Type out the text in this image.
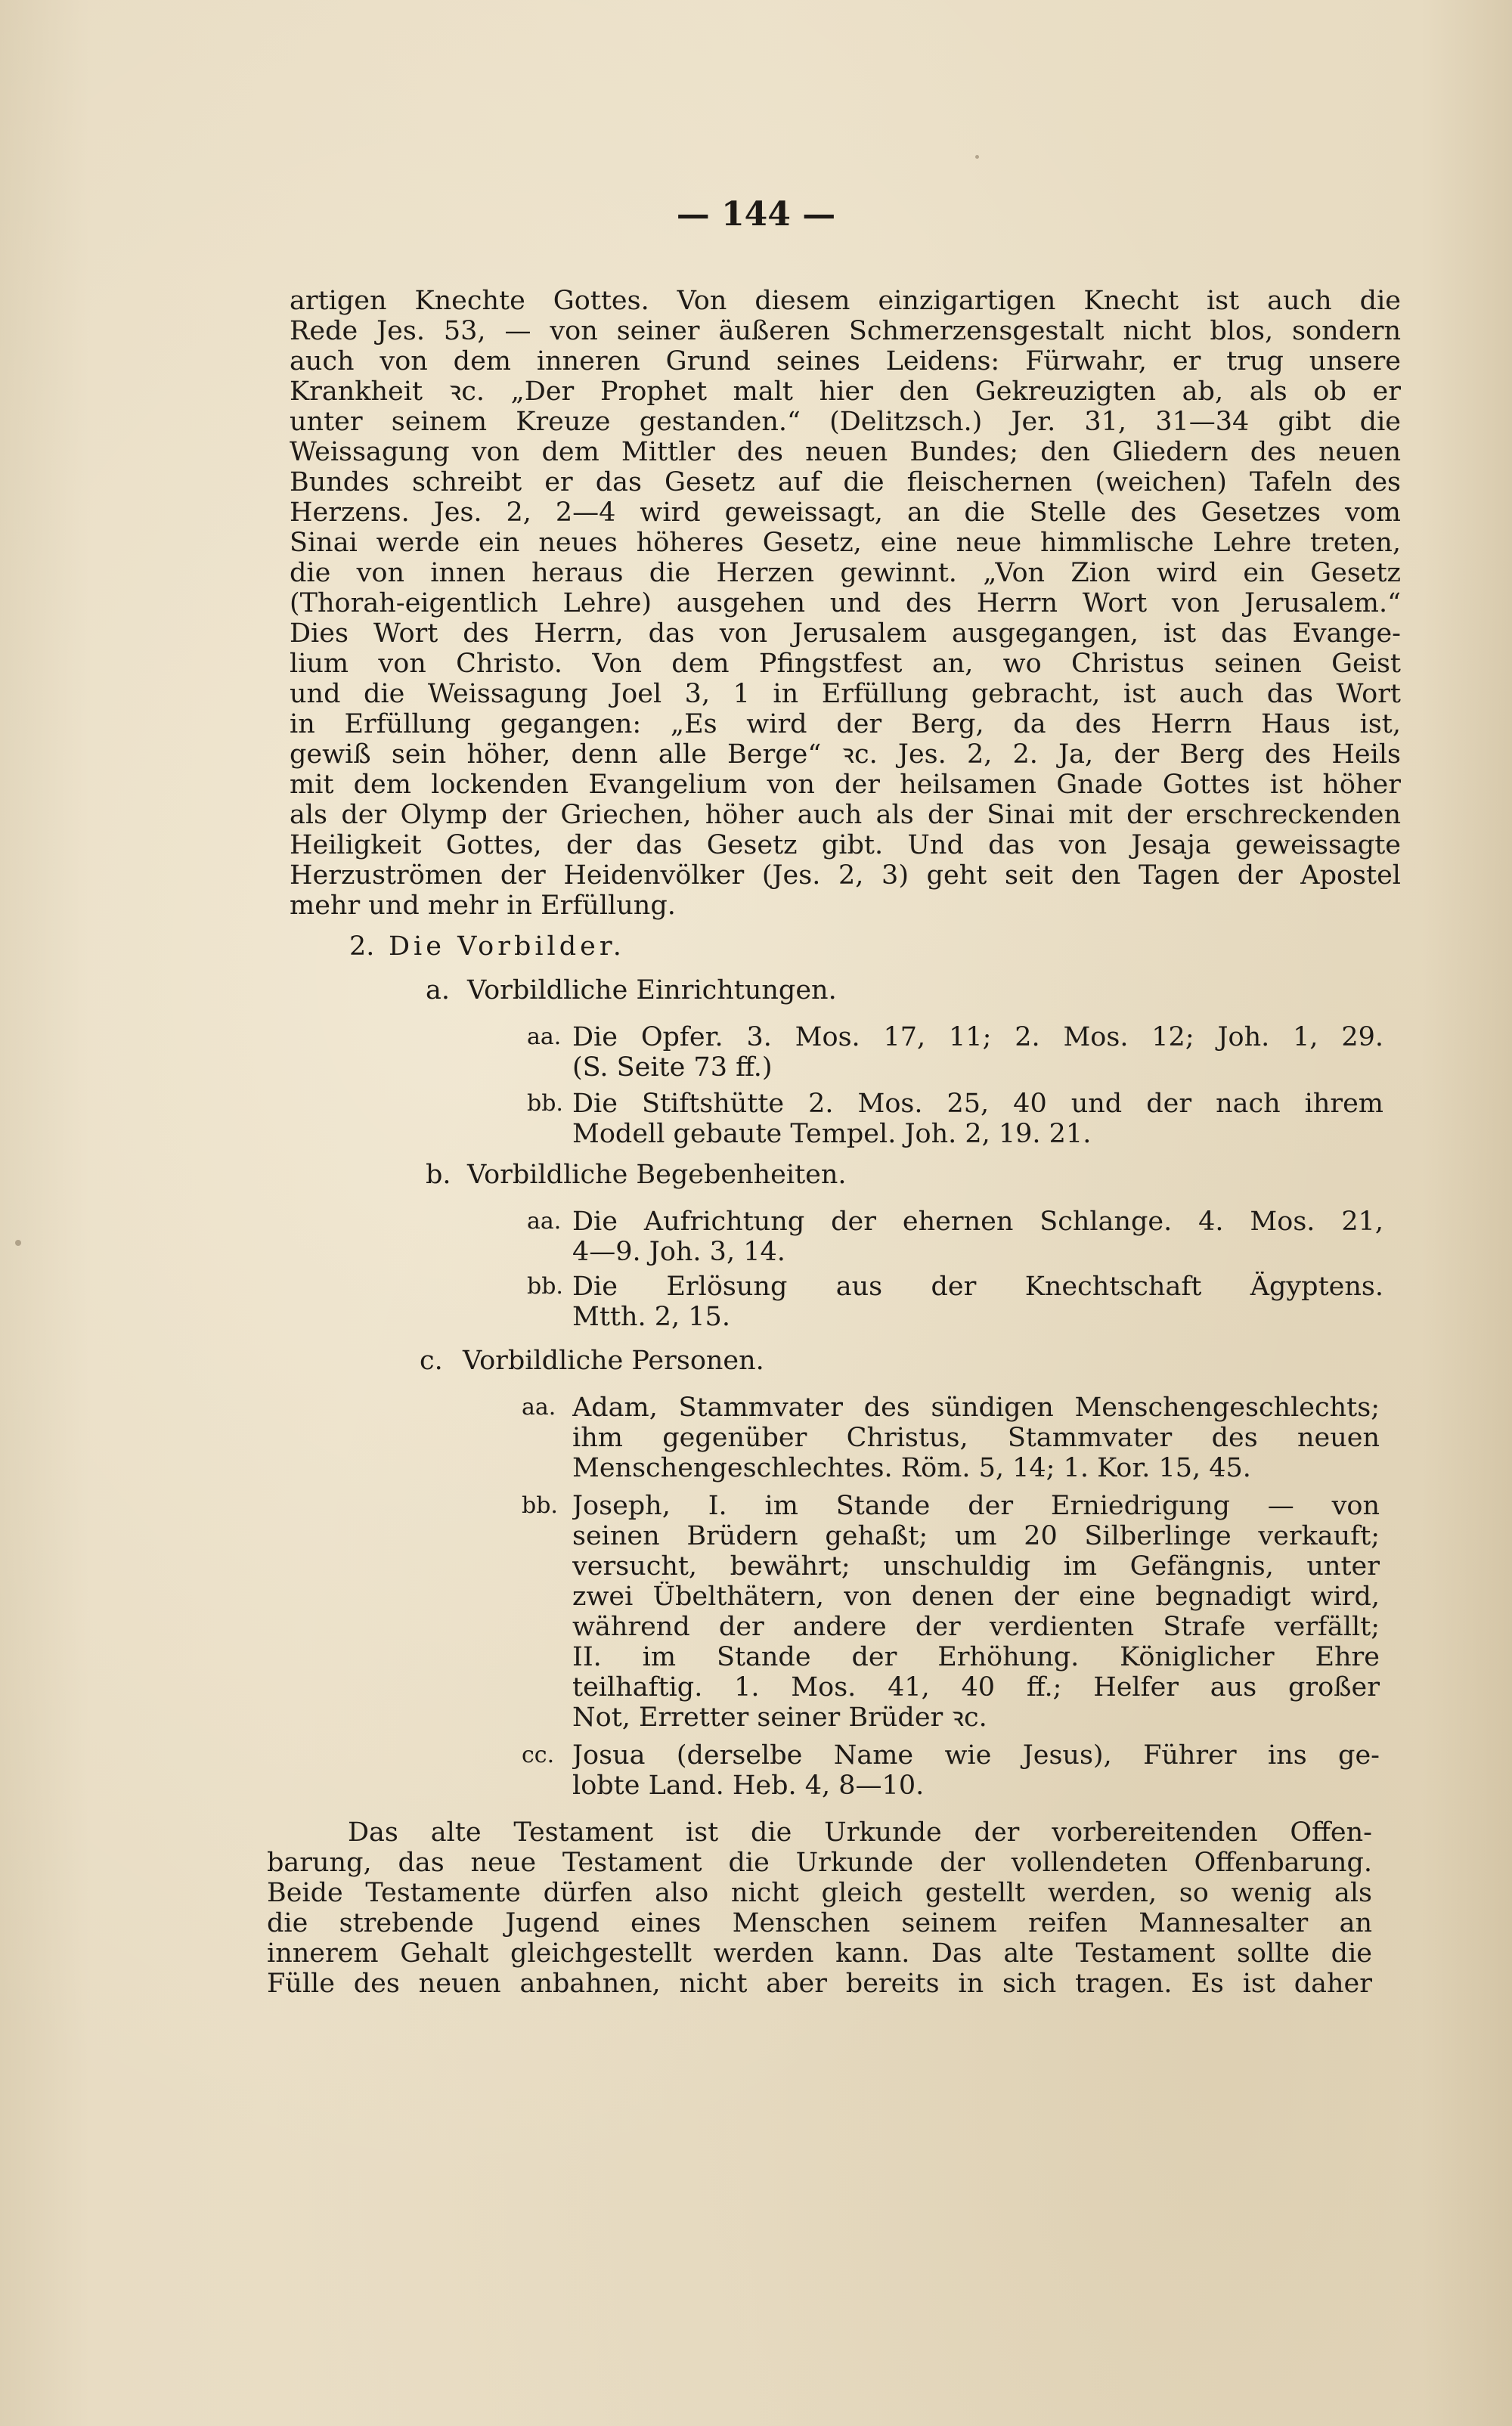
— 144 —
artigen Knechte Gottes. Von diesem einzigartigen Knecht ist auch die
Rede Jes. 53, — von seiner äußeren Schmerzensgestalt nicht blos, sondern
auch von dem inneren Grund seines Leidens: Fürwahr, er trug unsere
Krankheit ꝛc. „Der Prophet malt hier den Gekreuzigten ab, als ob er
unter seinem Kreuze gestanden.“ (Delitzsch.) Jer. 31, 31—34 gibt die
Weissagung von dem Mittler des neuen Bundes; den Gliedern des neuen
Bundes schreibt er das Gesetz auf die fleischernen (weichen) Tafeln des
Herzens. Jes. 2, 2—4 wird geweissagt, an die Stelle des Gesetzes vom
Sinai werde ein neues höheres Gesetz, eine neue himmlische Lehre treten,
die von innen heraus die Herzen gewinnt. „Von Zion wird ein Gesetz
(Thorah-eigentlich Lehre) ausgehen und des Herrn Wort von Jerusalem.“
Dies Wort des Herrn, das von Jerusalem ausgegangen, ist das Evange-
lium von Christo. Von dem Pfingstfest an, wo Christus seinen Geist
und die Weissagung Joel 3, 1 in Erfüllung gebracht, ist auch das Wort
in Erfüllung gegangen: „Es wird der Berg, da des Herrn Haus ist,
gewiß sein höher, denn alle Berge“ ꝛc. Jes. 2, 2. Ja, der Berg des Heils
mit dem lockenden Evangelium von der heilsamen Gnade Gottes ist höher
als der Olymp der Griechen, höher auch als der Sinai mit der erschreckenden
Heiligkeit Gottes, der das Gesetz gibt. Und das von Jesaja geweissagte
Herzuströmen der Heidenvölker (Jes. 2, 3) geht seit den Tagen der Apostel
mehr und mehr in Erfüllung.
2. Die Vorbilder.
a. Vorbildliche Einrichtungen.
aa. Die Opfer. 3. Mos. 17, 11; 2. Mos. 12; Joh. 1, 29.
(S. Seite 73 ff.)
bb. Die Stiftshütte 2. Mos. 25, 40 und der nach ihrem
Modell gebaute Tempel. Joh. 2, 19. 21.
b. Vorbildliche Begebenheiten.
aa. Die Aufrichtung der ehernen Schlange. 4. Mos. 21,
4—9. Joh. 3, 14.
bb. Die Erlösung aus der Knechtschaft Ägyptens.
Mtth. 2, 15.
c. Vorbildliche Personen.
aa. Adam, Stammvater des sündigen Menschengeschlechts;
ihm gegenüber Christus, Stammvater des neuen
Menschengeschlechtes. Röm. 5, 14; 1. Kor. 15, 45.
bb. Joseph, I. im Stande der Erniedrigung — von
seinen Brüdern gehaßt; um 20 Silberlinge verkauft;
versucht, bewährt; unschuldig im Gefängnis, unter
zwei Übelthätern, von denen der eine begnadigt wird,
während der andere der verdienten Strafe verfällt;
II. im Stande der Erhöhung. Königlicher Ehre
teilhaftig. 1. Mos. 41, 40 ff.; Helfer aus großer
Not, Erretter seiner Brüder ꝛc.
cc. Josua (derselbe Name wie Jesus), Führer ins ge-
lobte Land. Heb. 4, 8—10.
Das alte Testament ist die Urkunde der vorbereitenden Offen-
barung, das neue Testament die Urkunde der vollendeten Offenbarung.
Beide Testamente dürfen also nicht gleich gestellt werden, so wenig als
die strebende Jugend eines Menschen seinem reifen Mannesalter an
innerem Gehalt gleichgestellt werden kann. Das alte Testament sollte die
Fülle des neuen anbahnen, nicht aber bereits in sich tragen. Es ist daher
